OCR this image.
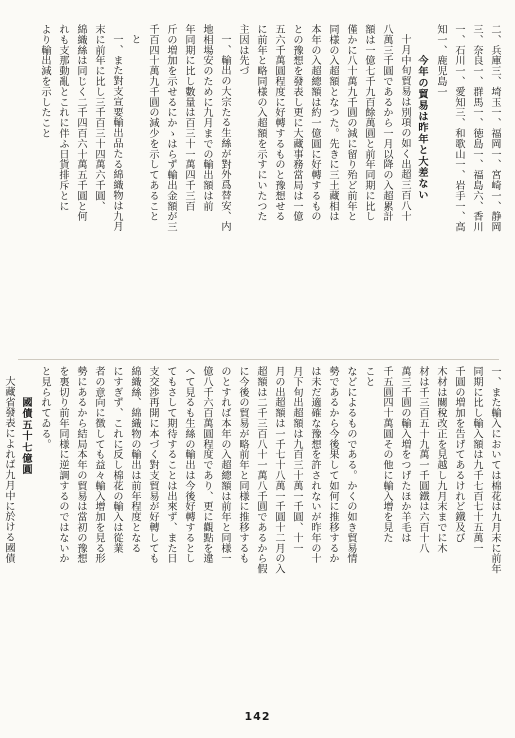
二、兵庫三、埼玉一、福岡一、宮崎一、静岡
三、奈良一、群馬一、徳島一、福島六、香川
一、石川一、愛知三、和歌山一、岩手一、高
知一、鹿児島一
今年の貿易は昨年と大差ない
十月中旬貿易は別項の如く出超三百八十
八萬三千圓であるから一月以降の入超累計
額は一億七千九百餘萬圓と前年同期に比し
僅かに八十萬九千圓の減に留り殆ど前年と
同様の入超額となつた。先きに三土藏相は
本年の入超總額は約一億圓に好轉するもの
との豫想を發表し更に大藏事務當局は一億
五六千萬圓程度に好轉するものと豫想せる
に前年と略同様の入超額を示すにいたつた
主因は先づ
一、輸出の大宗たる生絲が對外爲替安、内
地相場安のために九月までの輸出額は前
年同期に比し數量は百三十一萬四千三百
斤の増加を示せるにかゝはらず輸出金額が三
千百四十萬九千圓の減少を示してあること
と
一、また對支宣要輸出品たる綿織物は九月
末に前年に比し三千百三十四萬六千圓、
綿織絲は同じく二千四百六十萬五千圓と何
れも支那動亂とこれに伴ふ日貨排斥とに
より輸出減を示したこと
一、また輸入においては棉花は九月末に前年
同期に比し輸入額は九千七百七十五萬一
千圓の増加を告げてあるけれど鐵及び
木材は關稅改正を見越し九月末までに木
材は千三百五十九萬一千圓鐵は六百十八
萬三千圓の輸入増をつげたほか羊毛は
千五圓四十萬圓その他に輸入增を見た
こと
などによるものである。かくの如き貿易情
勢であるから今後果して如何に推移するか
は未だ適確な豫想を許されないが昨年の十
月下旬出超額は九百三十萬一千圓、十一
月の出超額は一千七十八萬一千圓十二月の入
超額は二千三百八十一萬八千圓であるから假
に今後の貿易が略前年と同様に推移するも
のとすれば本年の入超總額は前年と同様一
億八千六百萬圓程度であり、更に觀點を違
へて見るも生絲の輸出は今後好轉するとし
てもさして期待することは出來ず、また日
支交渉再開に本づく對支貿易が好轉しても
綿織絲、綿織物の輸出は前年程度となる
にすぎず、これに反し棉花の輸入は從業
者の意向に徴しても益々輸入增加を見る形
勢にあるから結局本年の貿易は當初の豫想
を裏切り前年同様に逆調するのではないか
と見られてゐる。
國債五十七億圓
大藏省發表によれば九月中に於ける國債
142
